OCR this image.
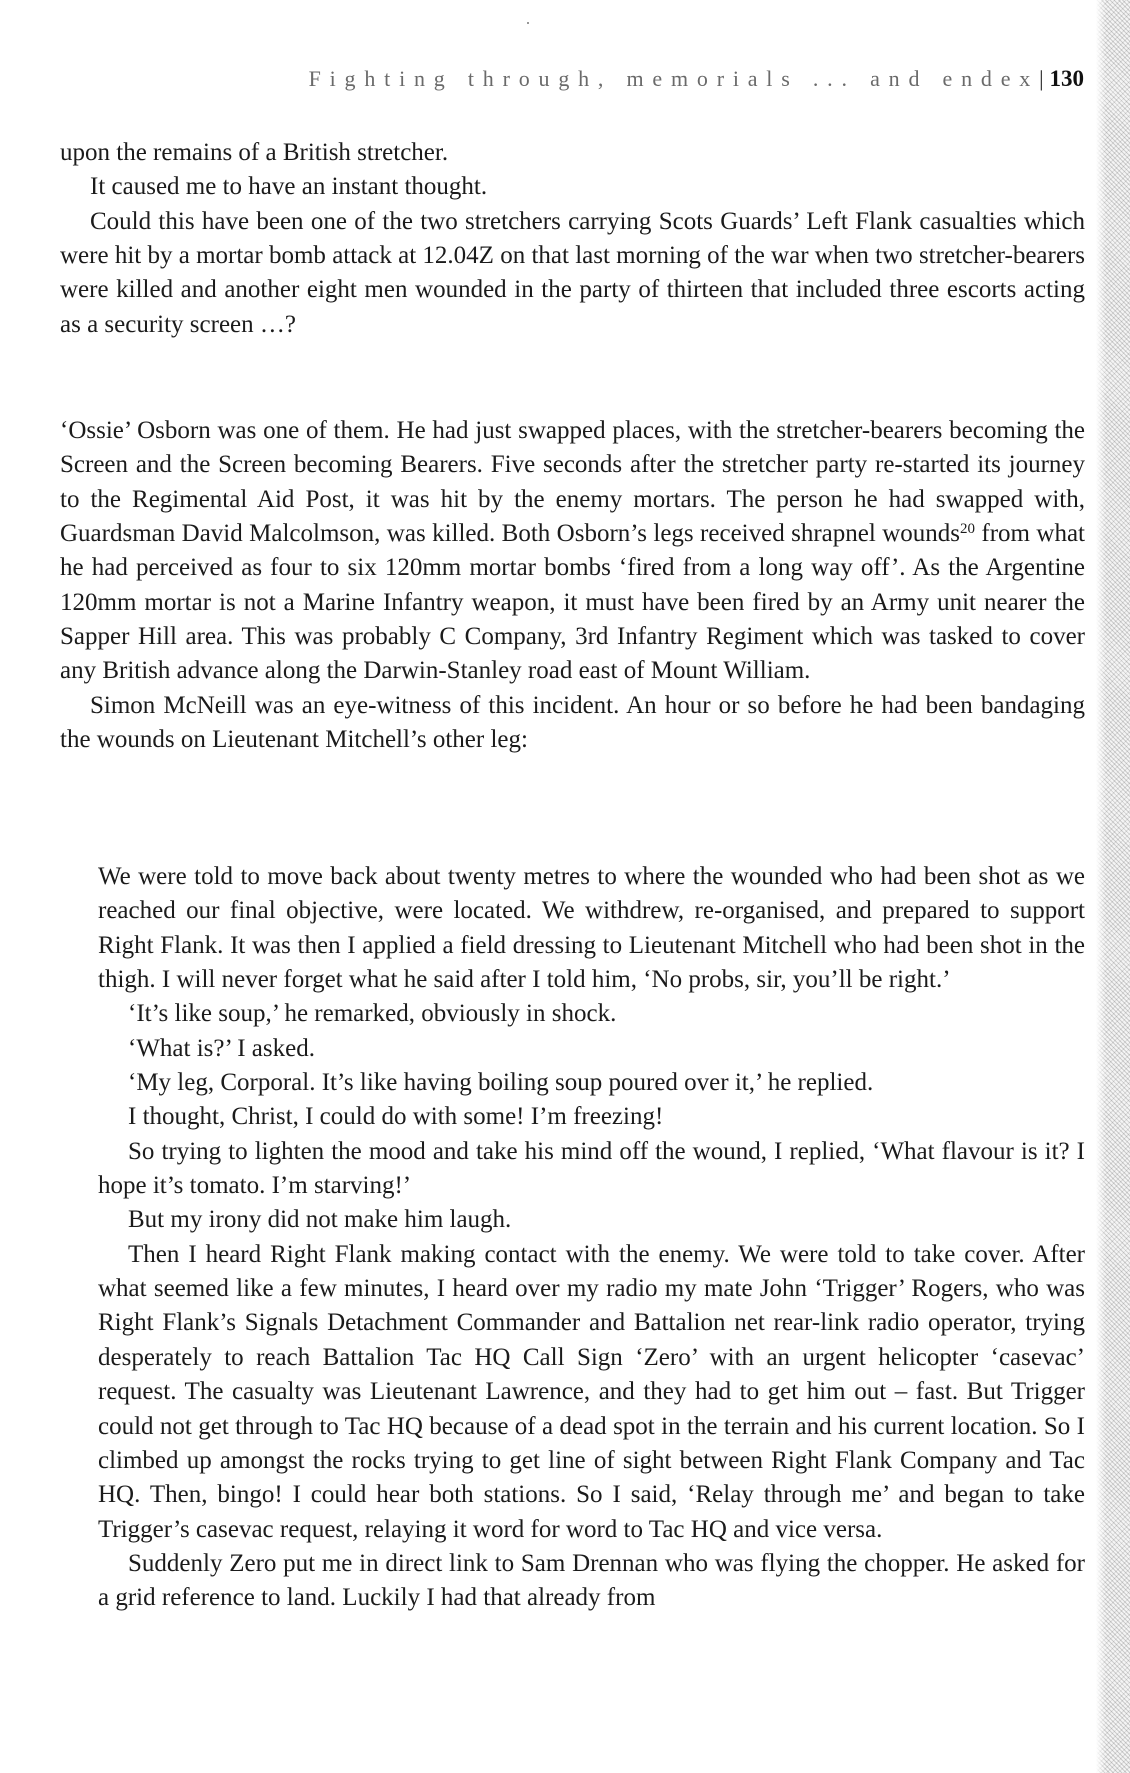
Fighting through, memorials ... and endex| 130

upon the remains of a British stretcher.

It caused me to have an instant thought.

Could this have been one of the two stretchers carrying Scots Guards’ Left Flank casualties which were hit by a mortar bomb attack at 12.04Z on that last morning of the war when two stretcher-bearers were killed and another eight men wounded in the party of thirteen that included three escorts acting as a security screen …?

‘Ossie’ Osborn was one of them. He had just swapped places, with the stretcher-bearers becoming the Screen and the Screen becoming Bearers. Five seconds after the stretcher party re-started its journey to the Regimental Aid Post, it was hit by the enemy mortars. The person he had swapped with, Guardsman David Malcolmson, was killed. Both Osborn’s legs received shrapnel wounds$^{20}$ from what he had perceived as four to six 120mm mortar bombs ‘fired from a long way off’. As the Argentine 120mm mortar is not a Marine Infantry weapon, it must have been fired by an Army unit nearer the Sapper Hill area. This was probably C Company, 3rd Infantry Regiment which was tasked to cover any British advance along the Darwin-Stanley road east of Mount William.

Simon McNeill was an eye-witness of this incident. An hour or so before he had been bandaging the wounds on Lieutenant Mitchell’s other leg:

We were told to move back about twenty metres to where the wounded who had been shot as we reached our final objective, were located. We withdrew, re-organised, and prepared to support Right Flank. It was then I applied a field dressing to Lieutenant Mitchell who had been shot in the thigh. I will never forget what he said after I told him, ‘No probs, sir, you’ll be right.’

‘It’s like soup,’ he remarked, obviously in shock.

‘What is?’ I asked.

‘My leg, Corporal. It’s like having boiling soup poured over it,’ he replied.

I thought, Christ, I could do with some! I’m freezing!

So trying to lighten the mood and take his mind off the wound, I replied, ‘What flavour is it? I hope it’s tomato. I’m starving!’

But my irony did not make him laugh.

Then I heard Right Flank making contact with the enemy. We were told to take cover. After what seemed like a few minutes, I heard over my radio my mate John ‘Trigger’ Rogers, who was Right Flank’s Signals Detachment Commander and Battalion net rear-link radio operator, trying desperately to reach Battalion Tac HQ Call Sign ‘Zero’ with an urgent helicopter ‘casevac’ request. The casualty was Lieutenant Lawrence, and they had to get him out – fast. But Trigger could not get through to Tac HQ because of a dead spot in the terrain and his current location. So I climbed up amongst the rocks trying to get line of sight between Right Flank Company and Tac HQ. Then, bingo! I could hear both stations. So I said, ‘Relay through me’ and began to take Trigger’s casevac request, relaying it word for word to Tac HQ and vice versa.

Suddenly Zero put me in direct link to Sam Drennan who was flying the chopper. He asked for a grid reference to land. Luckily I had that already from
